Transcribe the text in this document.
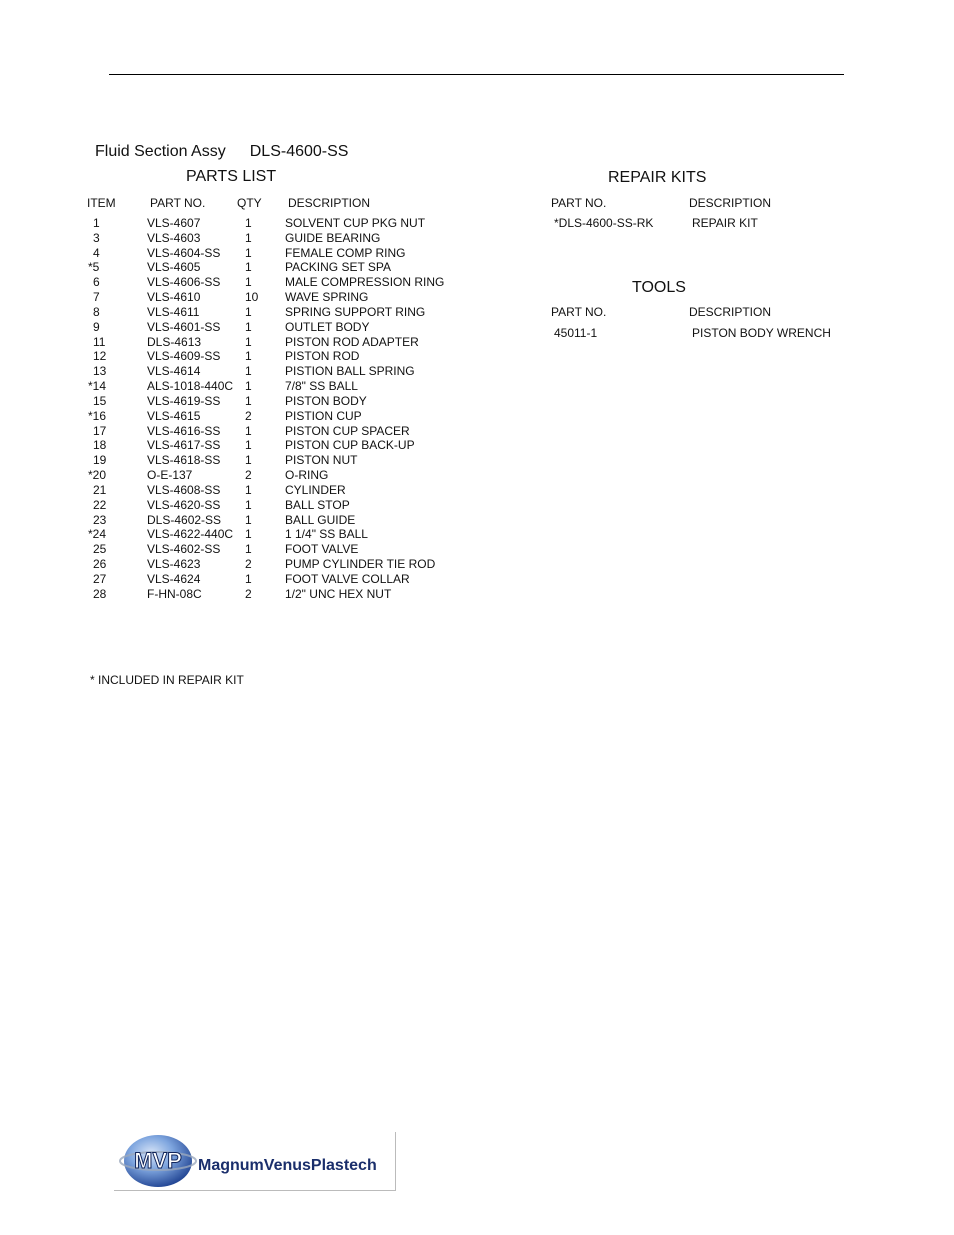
Fluid Section Assy DLS-4600-SS
PARTS LIST
ITEM	PART NO.	QTY DESCRIPTION
1	VLS-4607	1	SOLVENT CUP PKG NUT
3	VLS-4603	1	GUIDE BEARING
4	VLS-4604-SS 1	FEMALE COMP RING
*5	VLS-4605	1	PACKING SET SPA
6	VLS-4606-SS 1	MALE COMPRESSION RING
7	VLS-4610	10 WAVE SPRING
8	VLS-4611	1	SPRING SUPPORT RING
9	VLS-4601-SS 1	OUTLET BODY
11	DLS-4613	1	PISTON ROD ADAPTER
12	VLS-4609-SS 1	PISTON ROD
13	VLS-4614	1	PISTION BALL SPRING
*14	ALS-1018-440C 1	7/8" SS BALL
15	VLS-4619-SS 1	PISTON BODY
*16	VLS-4615	2	PISTION CUP
17	VLS-4616-SS 1	PISTON CUP SPACER
18	VLS-4617-SS 1	PISTON CUP BACK-UP
19	VLS-4618-SS 1	PISTON NUT
*20	O-E-137	2	O-RING
21	VLS-4608-SS 1	CYLINDER
22	VLS-4620-SS 1	BALL STOP
23	DLS-4602-SS 1	BALL GUIDE
*24	VLS-4622-440C 1	1 1/4" SS BALL
25	VLS-4602-SS 1	FOOT VALVE
26	VLS-4623	2	PUMP CYLINDER TIE ROD
27	VLS-4624	1	FOOT VALVE COLLAR
28	F-HN-08C	2	1/2" UNC HEX NUT
REPAIR KITS
PART NO.	DESCRIPTION
*DLS-4600-SS-RK	REPAIR KIT
TOOLS
PART NO.	DESCRIPTION
45011-1	PISTON BODY WRENCH
* INCLUDED IN REPAIR KIT
MVP MagnumVenusPlastech
